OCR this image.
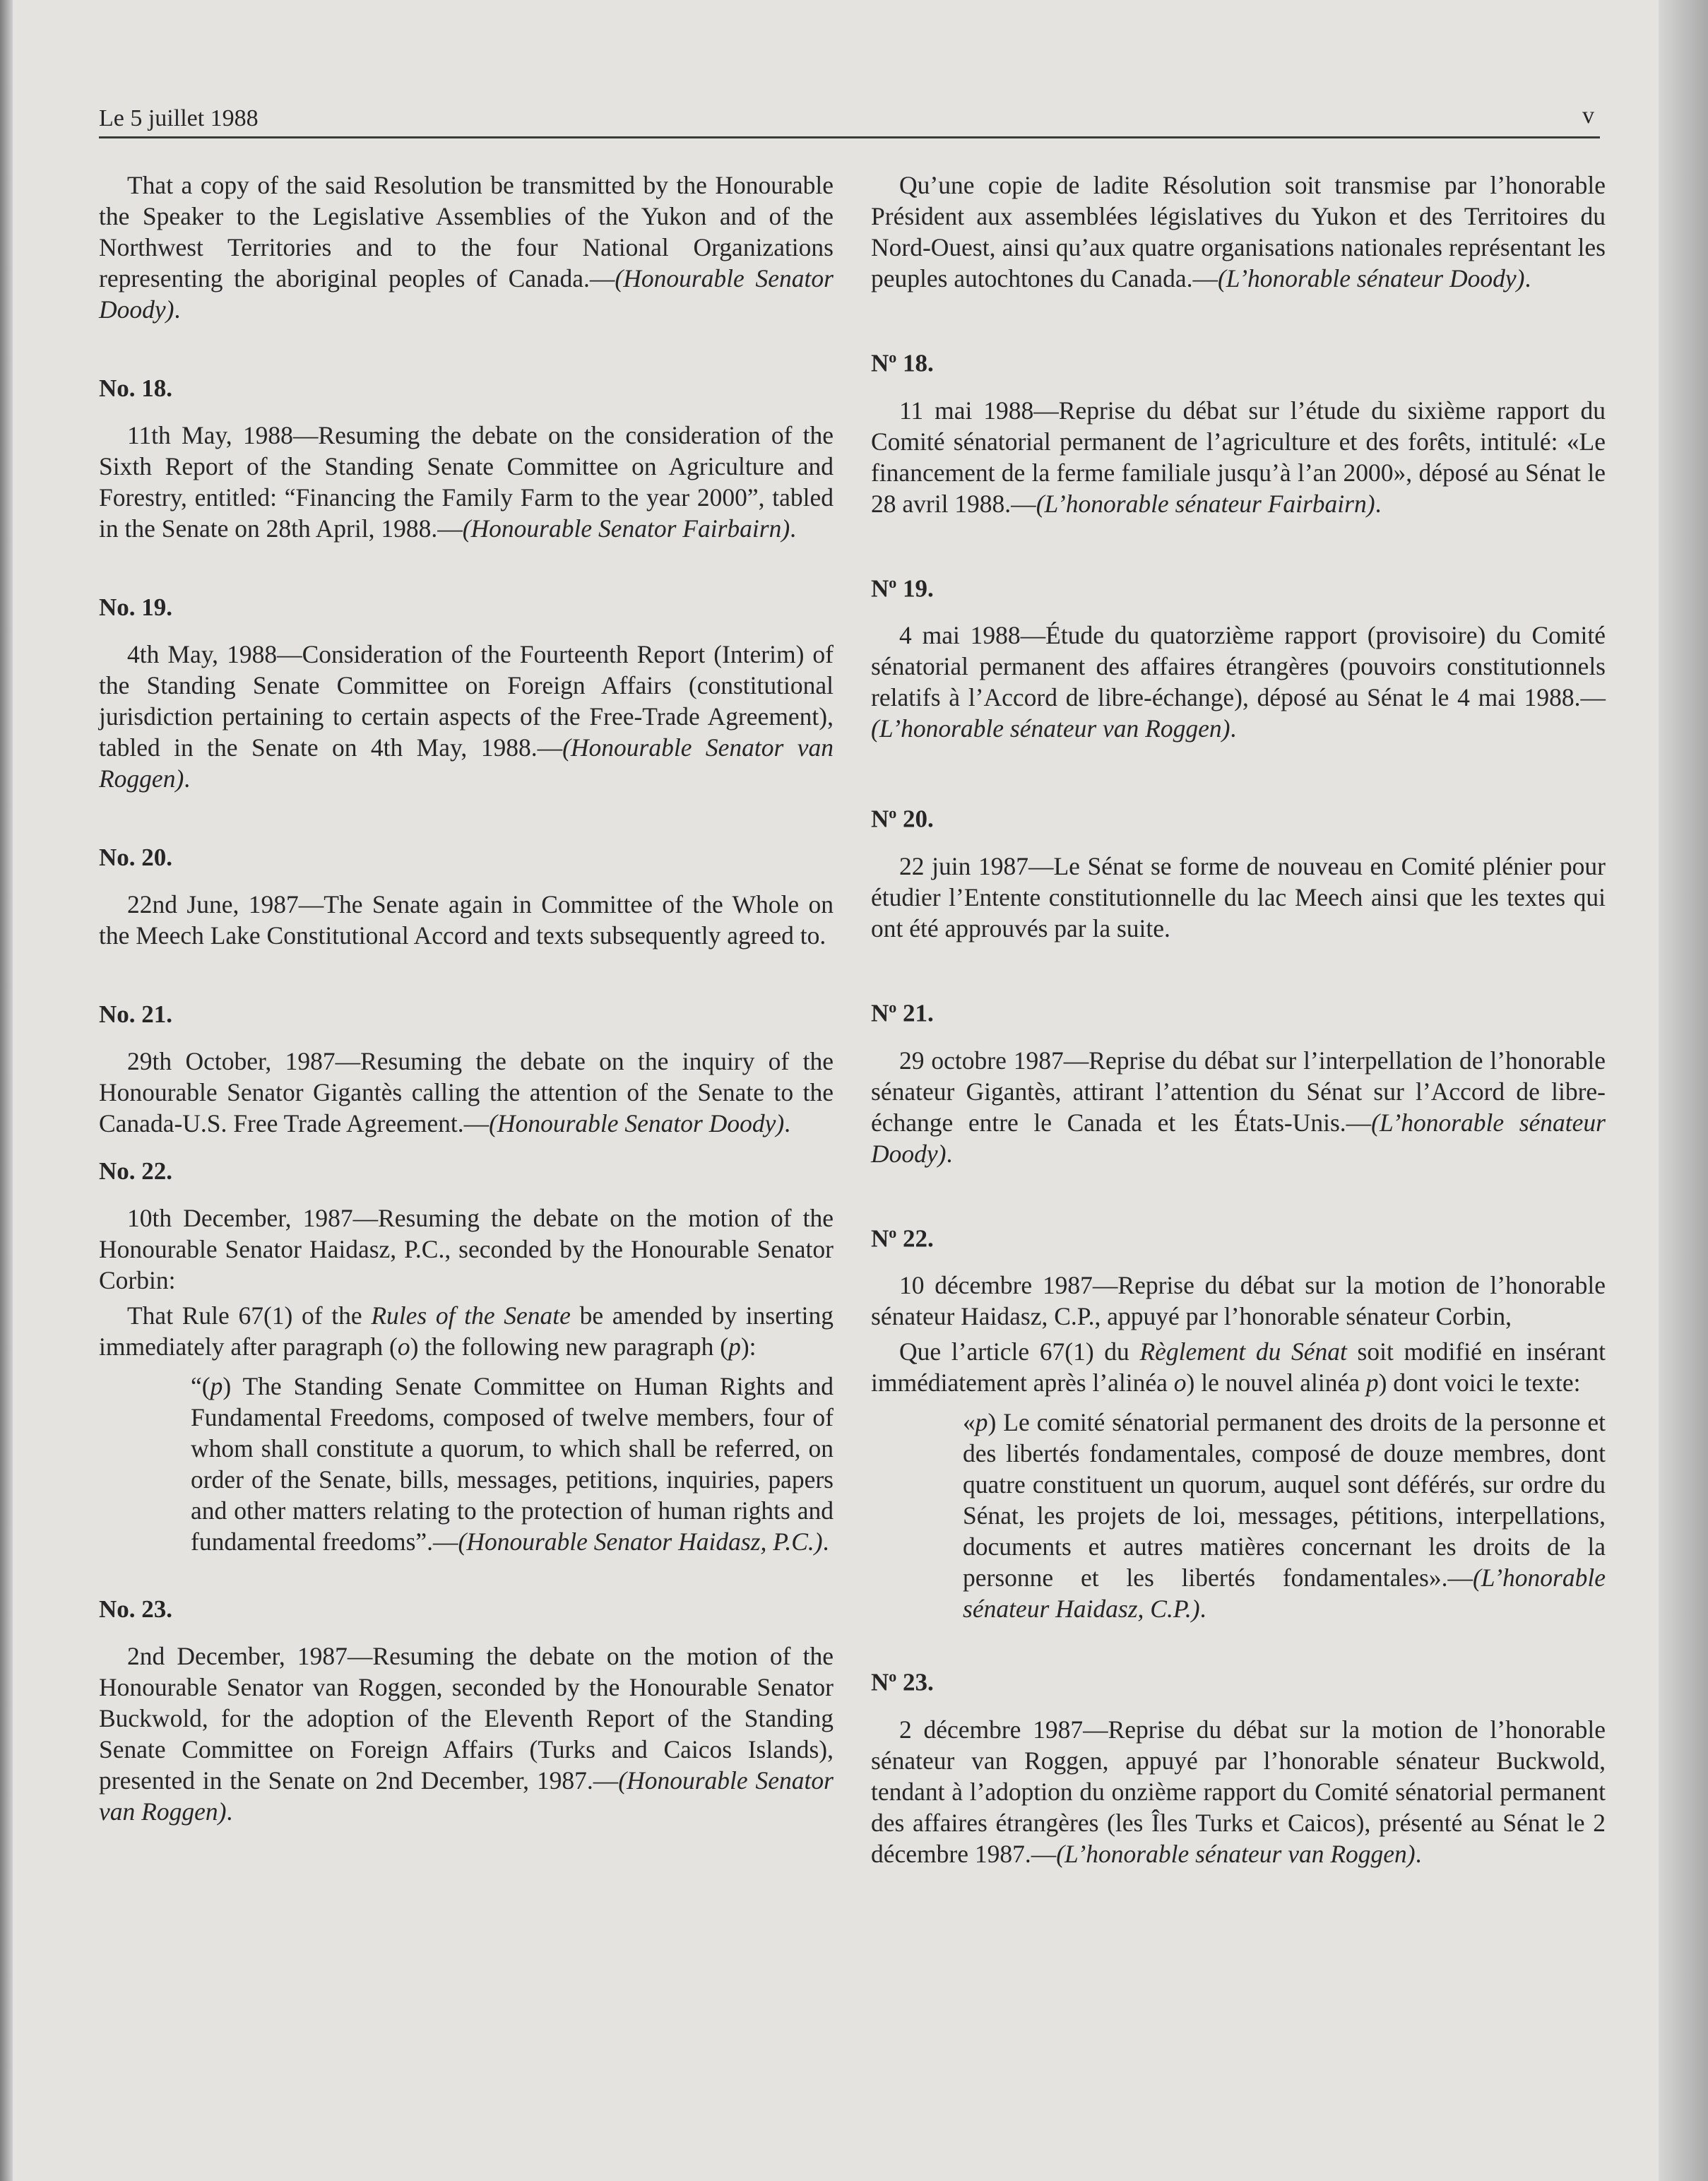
Le 5 juillet 1988	v

That a copy of the said Resolution be transmitted by the Honourable the Speaker to the Legislative Assemblies of the Yukon and of the Northwest Territories and to the four National Organizations representing the aboriginal peoples of Canada.—(Honourable Senator Doody).

No. 18.

11th May, 1988—Resuming the debate on the consideration of the Sixth Report of the Standing Senate Committee on Agriculture and Forestry, entitled: “Financing the Family Farm to the year 2000”, tabled in the Senate on 28th April, 1988.—(Honourable Senator Fairbairn).

No. 19.

4th May, 1988—Consideration of the Fourteenth Report (Interim) of the Standing Senate Committee on Foreign Affairs (constitutional jurisdiction pertaining to certain aspects of the Free-Trade Agreement), tabled in the Senate on 4th May, 1988.—(Honourable Senator van Roggen).

No. 20.

22nd June, 1987—The Senate again in Committee of the Whole on the Meech Lake Constitutional Accord and texts subsequently agreed to.

No. 21.

29th October, 1987—Resuming the debate on the inquiry of the Honourable Senator Gigantès calling the attention of the Senate to the Canada-U.S. Free Trade Agreement.—(Honourable Senator Doody).

No. 22.

10th December, 1987—Resuming the debate on the motion of the Honourable Senator Haidasz, P.C., seconded by the Honourable Senator Corbin:

That Rule 67(1) of the Rules of the Senate be amended by inserting immediately after paragraph (o) the following new paragraph (p):

“(p) The Standing Senate Committee on Human Rights and Fundamental Freedoms, composed of twelve members, four of whom shall constitute a quorum, to which shall be referred, on order of the Senate, bills, messages, petitions, inquiries, papers and other matters relating to the protection of human rights and fundamental freedoms”.—(Honourable Senator Haidasz, P.C.).

No. 23.

2nd December, 1987—Resuming the debate on the motion of the Honourable Senator van Roggen, seconded by the Honourable Senator Buckwold, for the adoption of the Eleventh Report of the Standing Senate Committee on Foreign Affairs (Turks and Caicos Islands), presented in the Senate on 2nd December, 1987.—(Honourable Senator van Roggen).

Qu’une copie de ladite Résolution soit transmise par l’honorable Président aux assemblées législatives du Yukon et des Territoires du Nord-Ouest, ainsi qu’aux quatre organisations nationales représentant les peuples autochtones du Canada.—(L’honorable sénateur Doody).

$N^o$ 18.

11 mai 1988—Reprise du débat sur l’étude du sixième rapport du Comité sénatorial permanent de l’agriculture et des forêts, intitulé: «Le financement de la ferme familiale jusqu’à l’an 2000», déposé au Sénat le 28 avril 1988.—(L’honorable sénateur Fairbairn).

$N^o$ 19.

4 mai 1988—Étude du quatorzième rapport (provisoire) du Comité sénatorial permanent des affaires étrangères (pouvoirs constitutionnels relatifs à l’Accord de libre-échange), déposé au Sénat le 4 mai 1988.—(L’honorable sénateur van Roggen).

$N^o$ 20.

22 juin 1987—Le Sénat se forme de nouveau en Comité plénier pour étudier l’Entente constitutionnelle du lac Meech ainsi que les textes qui ont été approuvés par la suite.

$N^o$ 21.

29 octobre 1987—Reprise du débat sur l’interpellation de l’honorable sénateur Gigantès, attirant l’attention du Sénat sur l’Accord de libre-échange entre le Canada et les États-Unis.—(L’honorable sénateur Doody).

$N^o$ 22.

10 décembre 1987—Reprise du débat sur la motion de l’honorable sénateur Haidasz, C.P., appuyé par l’honorable sénateur Corbin,

Que l’article 67(1) du Règlement du Sénat soit modifié en insérant immédiatement après l’alinéa o) le nouvel alinéa p) dont voici le texte:

«p) Le comité sénatorial permanent des droits de la personne et des libertés fondamentales, composé de douze membres, dont quatre constituent un quorum, auquel sont déférés, sur ordre du Sénat, les projets de loi, messages, pétitions, interpellations, documents et autres matières concernant les droits de la personne et les libertés fondamentales».—(L’honorable sénateur Haidasz, C.P.).

$N^o$ 23.

2 décembre 1987—Reprise du débat sur la motion de l’honorable sénateur van Roggen, appuyé par l’honorable sénateur Buckwold, tendant à l’adoption du onzième rapport du Comité sénatorial permanent des affaires étrangères (les Îles Turks et Caicos), présenté au Sénat le 2 décembre 1987.—(L’honorable sénateur van Roggen).
